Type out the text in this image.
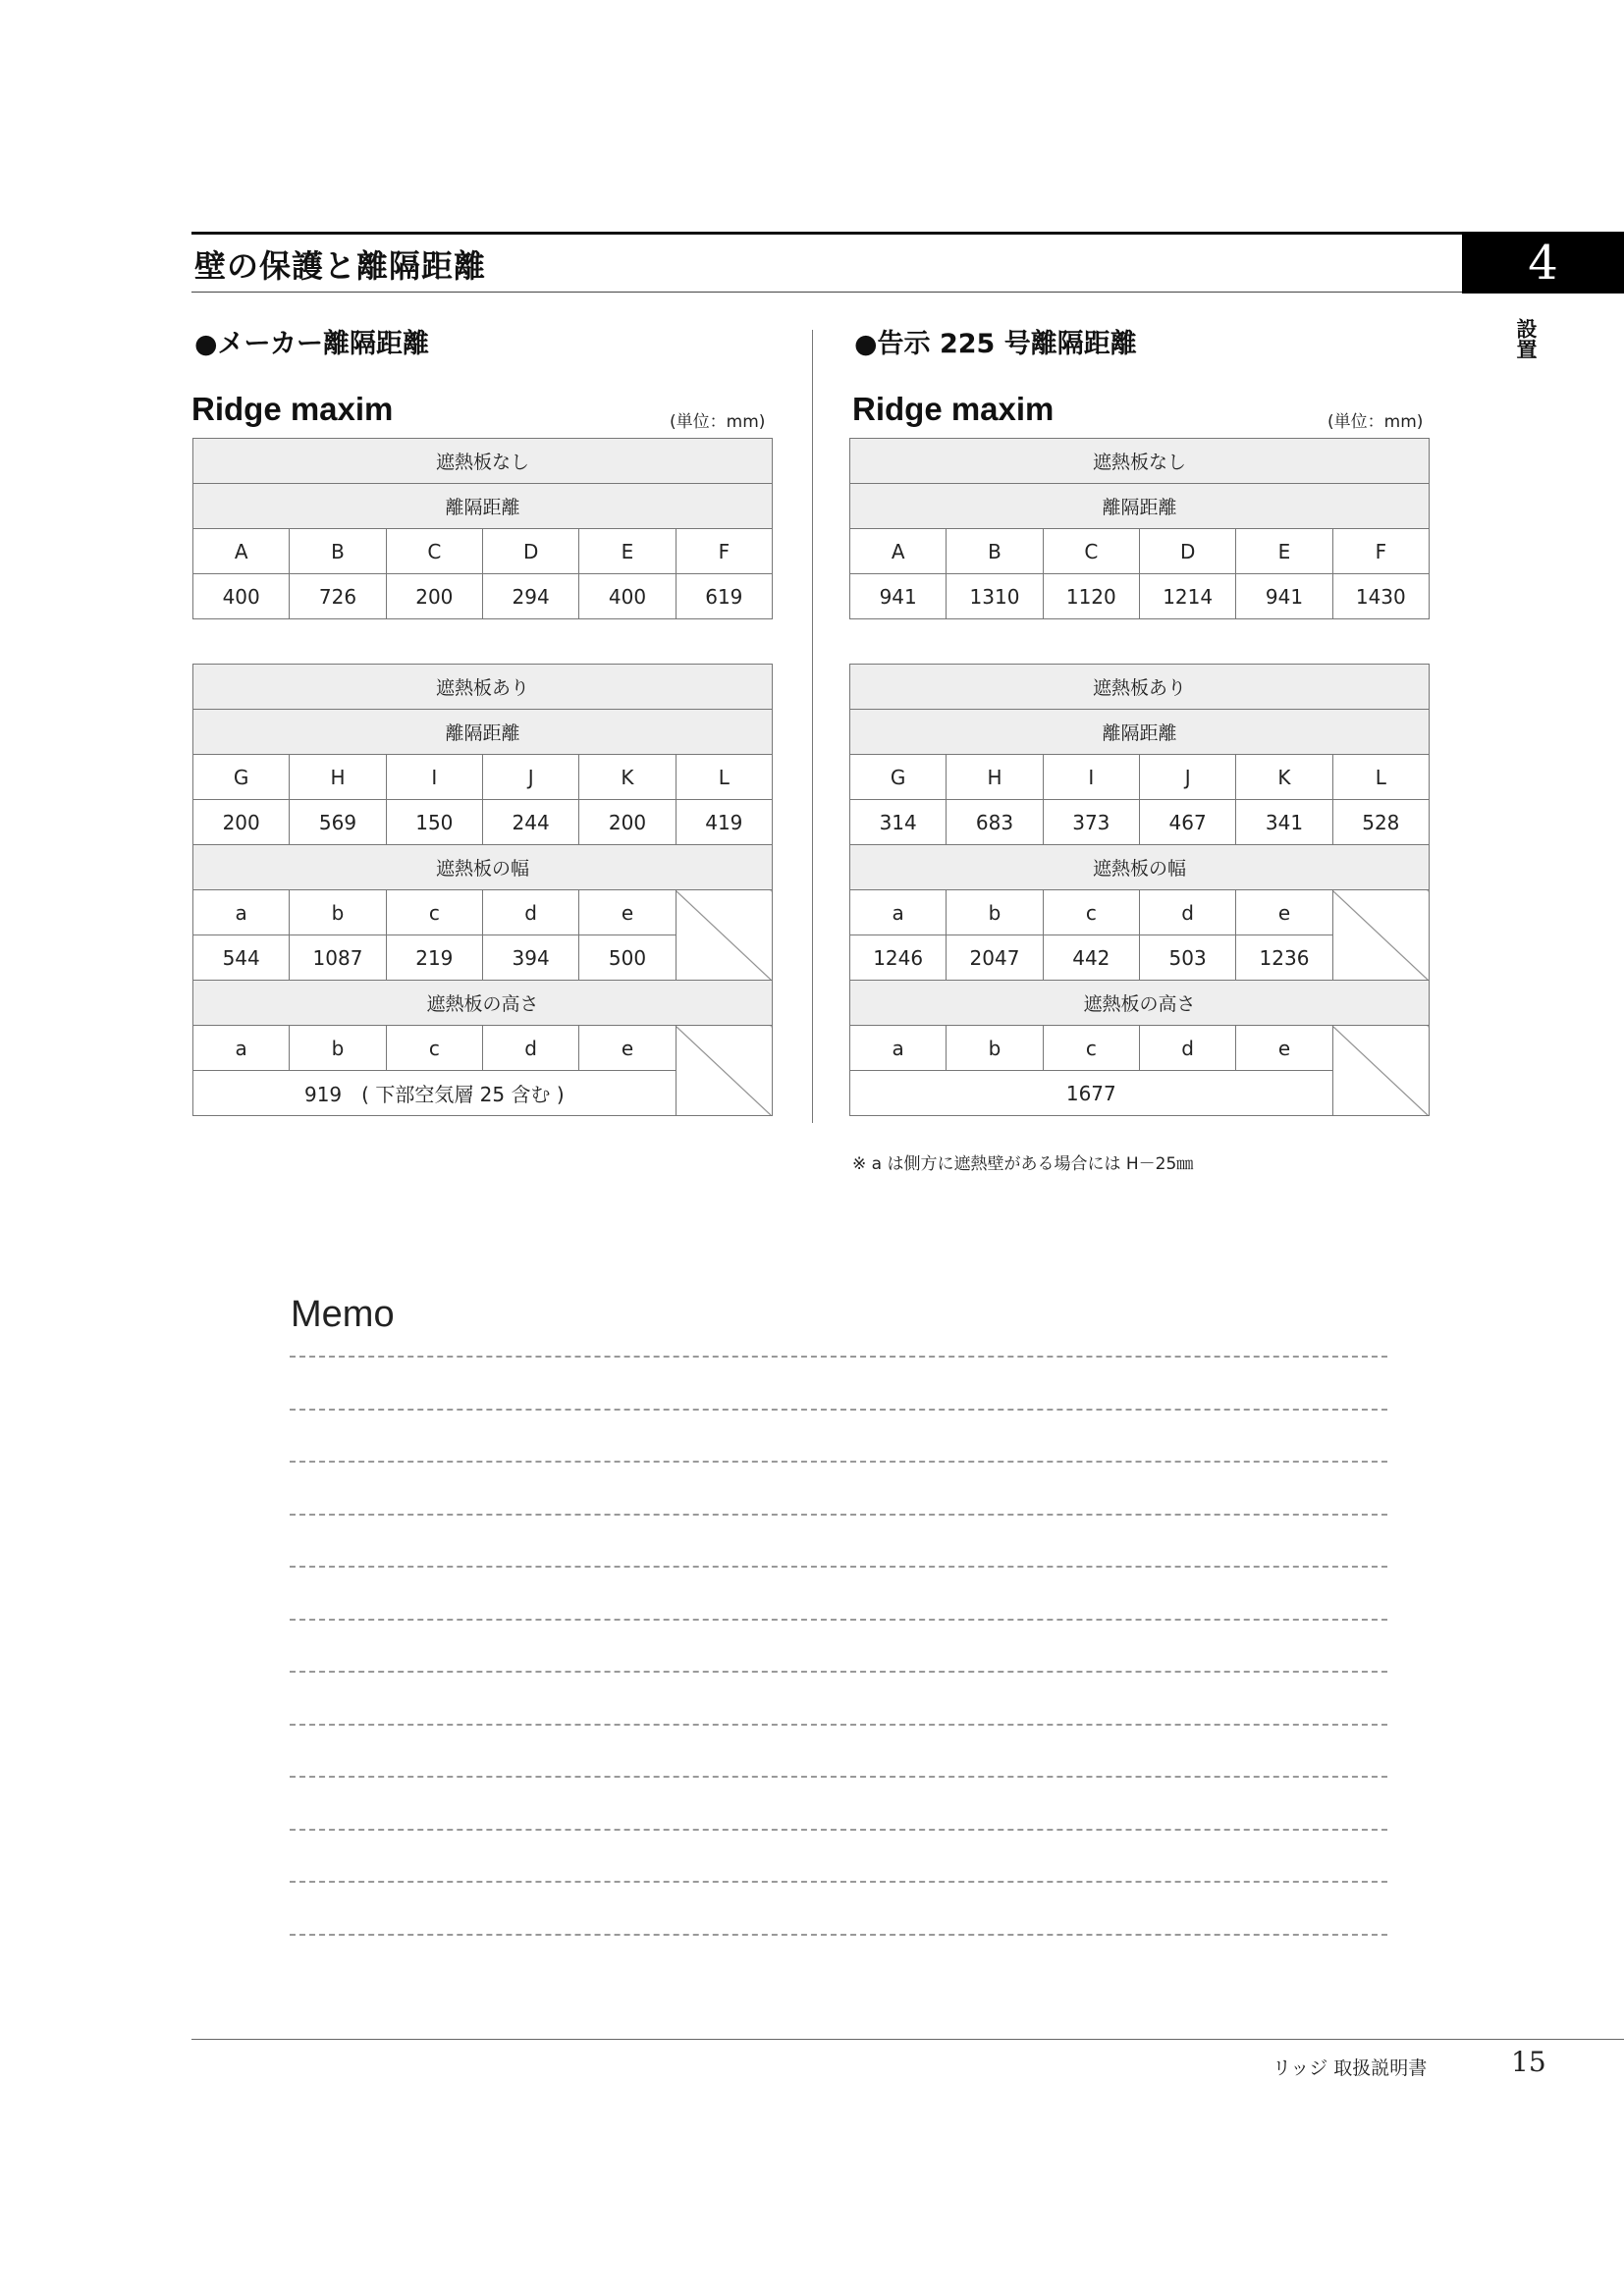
壁の保護と離隔距離	4
設置
●メーカー離隔距離
Ridge maxim	(単位：mm)
●告示 225 号離隔距離
Ridge maxim	(単位：mm)
遮熱板なし					
離隔距離					
A	B	C	D	E	F
400	726	200	294	400	619
遮熱板あり					
離隔距離					
G	H	I	J	K	L
200	569	150	244	200	419
遮熱板の幅					
a	b	c	d	e	
544	1087	219	394	500	
遮熱板の高さ					
a	b	c	d	e	
919　( 下部空気層 25 含む )					
遮熱板なし					
離隔距離					
A	B	C	D	E	F
941	1310	1120	1214	941	1430
遮熱板あり					
離隔距離					
G	H	I	J	K	L
314	683	373	467	341	528
遮熱板の幅					
a	b	c	d	e	
1246	2047	442	503	1236	
遮熱板の高さ					
a	b	c	d	e	
1677					
※ a は側方に遮熱壁がある場合には H－25㎜
Memo
リッジ 取扱説明書	15
